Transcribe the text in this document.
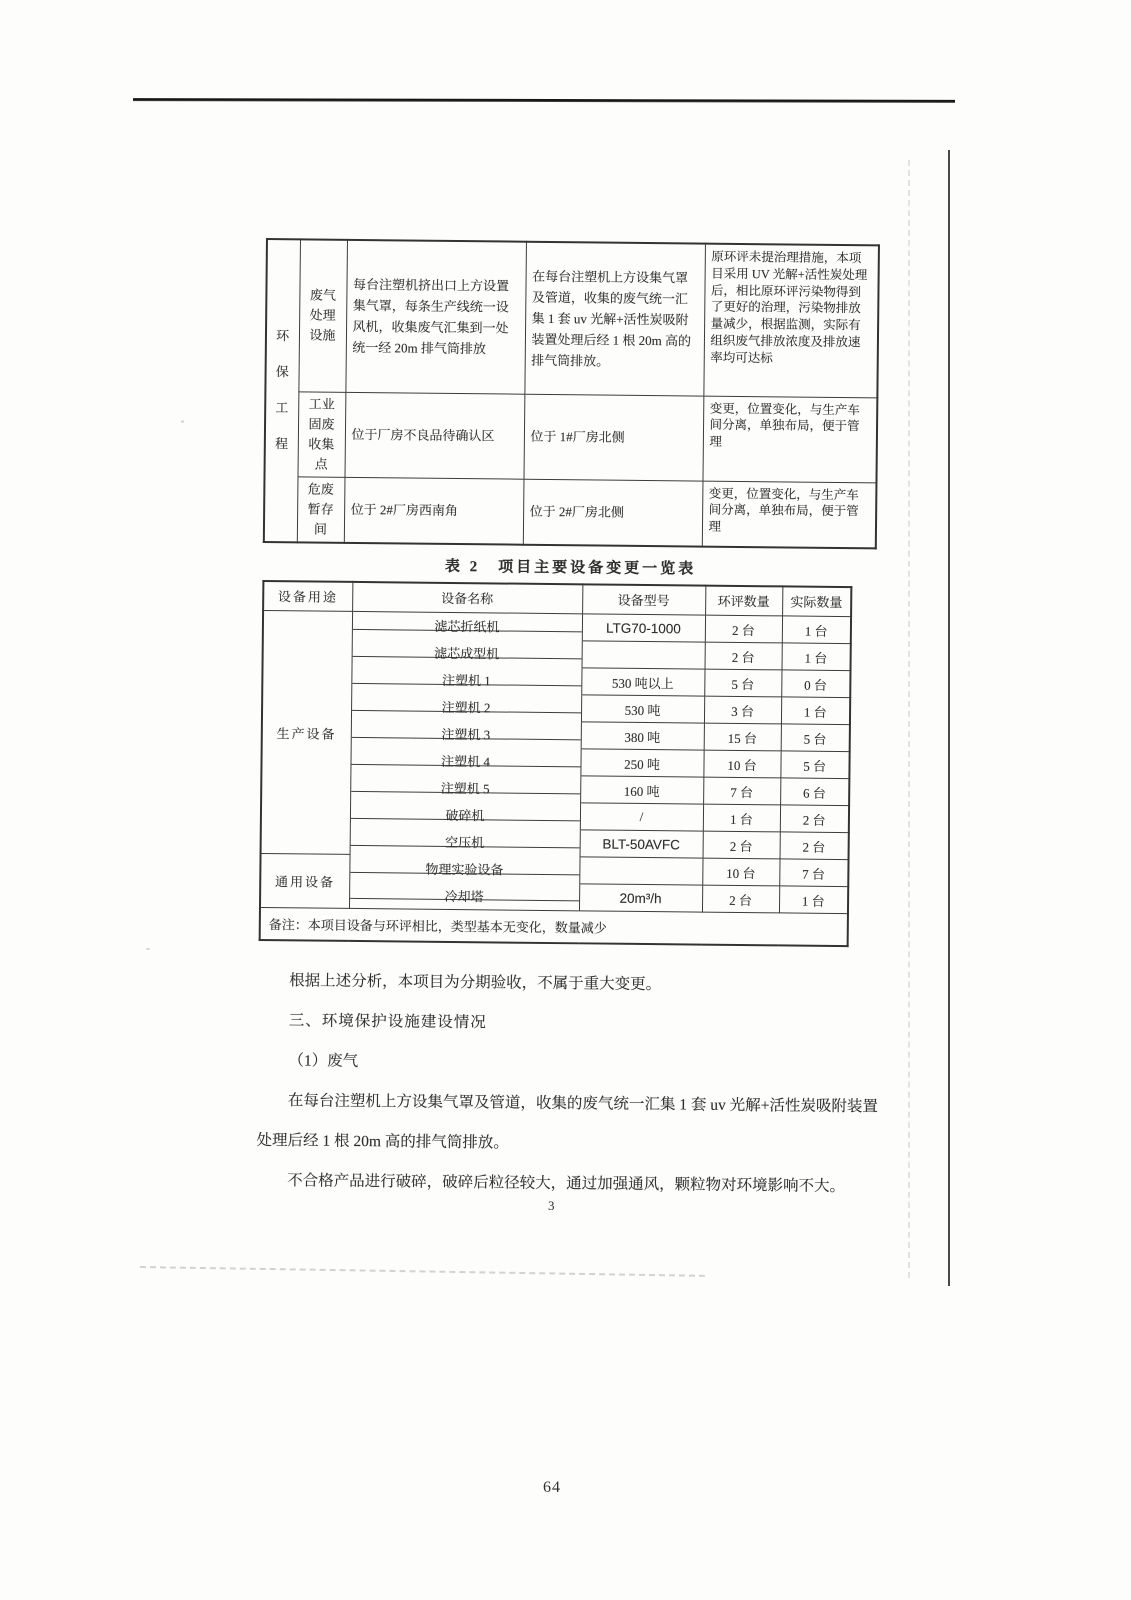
环保工程	废气处理设施	每台注塑机挤出口上方设置集气罩，每条生产线统一设风机，收集废气汇集到一处统一经 20m 排气筒排放	在每台注塑机上方设集气罩及管道，收集的废气统一汇集 1 套 uv 光解+活性炭吸附装置处理后经 1 根 20m 高的排气筒排放。	原环评未提治理措施，本项目采用 UV 光解+活性炭处理后，相比原环评污染物得到了更好的治理，污染物排放量减少，根据监测，实际有组织废气排放浓度及排放速率均可达标
	工业固废收集点	位于厂房不良品待确认区	位于 1#厂房北侧	变更，位置变化，与生产车间分离，单独布局，便于管理
	危废暂存间	位于 2#厂房西南角	位于 2#厂房北侧	变更，位置变化，与生产车间分离，单独布局，便于管理
表 2　项目主要设备变更一览表
设备用途	设备名称	设备型号	环评数量	实际数量
生产设备	滤芯折纸机	LTG70-1000	2 台	1 台
	滤芯成型机		2 台	1 台
	注塑机 1	530 吨以上	5 台	0 台
	注塑机 2	530 吨	3 台	1 台
	注塑机 3	380 吨	15 台	5 台
	注塑机 4	250 吨	10 台	5 台
	注塑机 5	160 吨	7 台	6 台
	破碎机	/	1 台	2 台
	空压机	BLT-50AVFC	2 台	2 台
通用设备	物理实验设备		10 台	7 台
	冷却塔	20m³/h	2 台	1 台
备注：本项目设备与环评相比，类型基本无变化，数量减少				

根据上述分析，本项目为分期验收，不属于重大变更。

三、环境保护设施建设情况

（1）废气

在每台注塑机上方设集气罩及管道，收集的废气统一汇集 1 套 uv 光解+活性炭吸附装置处理后经 1 根 20m 高的排气筒排放。

不合格产品进行破碎，破碎后粒径较大，通过加强通风，颗粒物对环境影响不大。

3
64
